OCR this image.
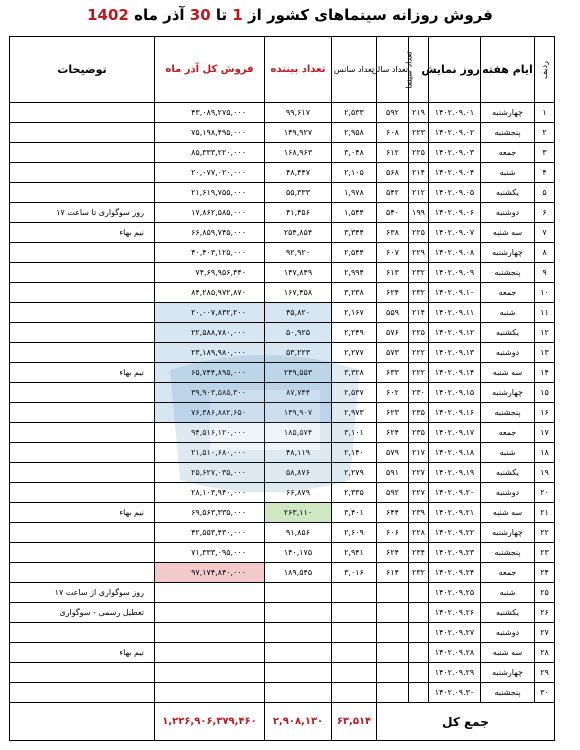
فروش روزانه سینماهای کشور از 1 تا 30 آذر ماه 1402
ردیف	ایام هفته	روز نمایش	تعداد سینما	تعداد سالن	تعداد سانس	تعداد بیننده	فروش کل آذر ماه	توضیحات
۱	چهارشنبه	۱۴۰۲.۰۹.۰۱	۲۱۹	۵۹۲	۲,۵۳۳	۹۹,۶۱۷	۴۳,۰۸۹,۲۷۵,۰۰۰	
۲	پنجشنبه	۱۴۰۲.۰۹.۰۲	۲۲۳	۶۰۸	۲,۹۵۸	۱۴۹,۹۲۷	۷۵,۱۹۸,۴۹۵,۰۰۰	
۳	جمعه	۱۴۰۲.۰۹.۰۳	۲۲۵	۶۱۲	۳,۰۴۸	۱۶۸,۹۶۳	۸۵,۳۳۳,۲۲۰,۰۰۰	
۴	شنبه	۱۴۰۲.۰۹.۰۴	۲۱۴	۵۶۸	۲,۱۰۵	۴۸,۴۴۷	۲۰,۰۷۷,۰۲۰,۰۰۰	
۵	یکشنبه	۱۴۰۲.۰۹.۰۵	۲۱۲	۵۴۲	۱,۹۷۸	۵۵,۳۳۳	۲۱,۶۱۹,۷۵۵,۰۰۰	
۶	دوشنبه	۱۴۰۲.۰۹.۰۶	۱۹۹	۵۴۰	۱,۵۴۴	۴۱,۴۵۶	۱۷,۸۶۲,۵۸۵,۰۰۰	روز سوگواری تا ساعت ۱۷
۷	سه شنبه	۱۴۰۲.۰۹.۰۷	۲۲۵	۶۳۸	۳,۳۴۴	۲۵۴,۸۵۴	۶۶,۸۵۹,۷۴۵,۰۰۰	نیم بهاء
۸	چهارشنبه	۱۴۰۲.۰۹.۰۸	۲۲۹	۶۰۷	۲,۵۴۴	۹۲,۹۲۰	۴۰,۴۰۳,۱۲۵,۰۰۰	
۹	پنجشنبه	۱۴۰۲.۰۹.۰۹	۲۳۲	۶۱۳	۲,۹۹۴	۱۴۷,۸۴۹	۷۴,۶۹,۹۵۶,۴۴۰	
۱۰	جمعه	۱۴۰۲.۰۹.۱۰	۲۳۲	۶۲۴	۳,۲۳۸	۱۶۷,۴۵۸	۸۴,۲۸۵,۹۷۲,۸۷۰	
۱۱	شنبه	۱۴۰۲.۰۹.۱۱	۲۱۴	۵۵۹	۲,۱۶۷	۴۵,۸۲۰	۲۰,۰۰۷,۸۳۲,۲۰۰	
۱۲	یکشنبه	۱۴۰۲.۰۹.۱۲	۲۲۵	۵۷۶	۲,۲۴۹	۵۰,۹۲۵	۲۲,۵۸۸,۷۸۰,۰۰۰	
۱۳	دوشنبه	۱۴۰۲.۰۹.۱۳	۲۲۲	۵۷۳	۲,۲۷۷	۵۳,۲۲۳	۲۳,۱۸۹,۹۸۰,۰۰۰	
۱۴	سه شنبه	۱۴۰۲.۰۹.۱۴	۲۲۲	۶۳۳	۳,۳۲۸	۲۴۹,۵۵۳	۶۵,۷۴۴,۸۹۵,۰۰۰	نیم بهاء
۱۵	چهارشنبه	۱۴۰۲.۰۹.۱۵	۲۳۰	۶۰۲	۲,۵۳۷	۸۷,۷۴۴	۳۹,۹۰۳,۵۸۵,۳۰۰	
۱۶	پنجشنبه	۱۴۰۲.۰۹.۱۶	۲۳۵	۶۲۳	۲,۹۷۳	۱۴۹,۹۰۷	۷۶,۳۸۶,۸۸۲,۶۵۰	
۱۷	جمعه	۱۴۰۲.۰۹.۱۷	۲۳۵	۶۲۴	۳,۱۰۱	۱۸۵,۵۷۴	۹۴,۵۱۶,۱۲۰,۰۰۰	
۱۸	شنبه	۱۴۰۲.۰۹.۱۸	۲۱۷	۵۷۹	۲,۱۴۰	۴۸,۱۱۹	۲۱,۵۱۰,۶۸۰,۰۰۰	
۱۹	یکشنبه	۱۴۰۲.۰۹.۱۹	۲۲۷	۵۹۱	۲,۲۷۹	۵۸,۸۷۶	۲۵,۶۲۷,۰۳۵,۰۰۰	
۲۰	دوشنبه	۱۴۰۲.۰۹.۲۰	۲۲۷	۵۹۲	۲,۳۳۵	۶۶,۸۷۹	۲۸,۱۰۳,۹۴۰,۰۰۰	
۲۱	سه شنبه	۱۴۰۲.۰۹.۲۱	۲۳۹	۶۴۴	۳,۴۰۱	۲۶۳,۱۱۰	۶۹,۵۶۳,۳۳۵,۰۰۰	نیم بهاء
۲۲	چهارشنبه	۱۴۰۲.۰۹.۲۲	۲۲۸	۶۰۶	۲,۶۰۹	۹۱,۸۵۶	۴۲,۵۵۳,۴۳۰,۰۰۰	
۲۳	پنجشنبه	۱۴۰۲.۰۹.۲۳	۲۳۴	۶۲۴	۲,۹۴۱	۱۴۰,۱۷۵	۷۱,۳۳۳,۰۹۵,۰۰۰	
۲۴	جمعه	۱۴۰۲.۰۹.۲۴	۲۳۲	۶۱۴	۳,۰۱۶	۱۸۹,۵۴۵	۹۷,۱۷۴,۸۴۰,۰۰۰	
۲۵	شنبه	۱۴۰۲.۰۹.۲۵						روز سوگواری از ساعت ۱۷
۲۶	یکشنبه	۱۴۰۲.۰۹.۲۶						تعطیل رسمی - سوگواری
۲۷	دوشنبه	۱۴۰۲.۰۹.۲۷						
۲۸	سه شنبه	۱۴۰۲.۰۹.۲۸						نیم بهاء
۲۹	چهارشنبه	۱۴۰۲.۰۹.۲۹						
۳۰	پنجشنبه	۱۴۰۲.۰۹.۳۰						
جمع کل					۶۳,۵۱۴	۲,۹۰۸,۱۳۰	۱,۲۲۶,۹۰۶,۳۷۹,۴۶۰	
